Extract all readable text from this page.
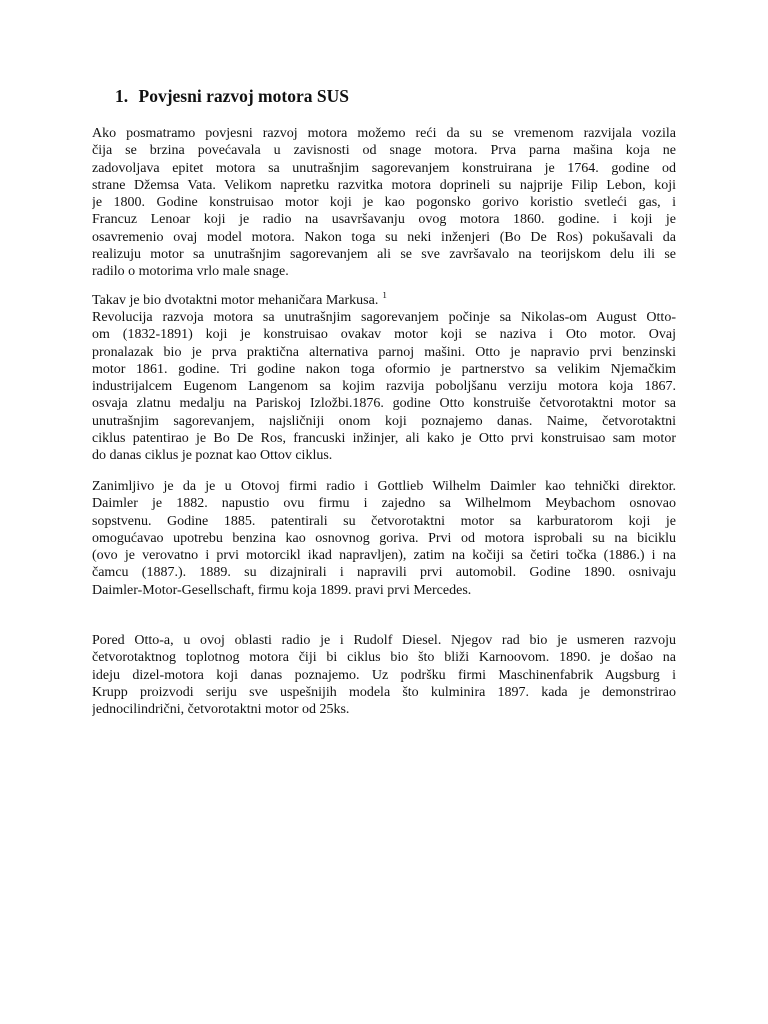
1. Povjesni razvoj motora SUS

Ako posmatramo povjesni razvoj motora možemo reći da su se vremenom razvijala vozila
čija se brzina povećavala u zavisnosti od snage motora. Prva parna mašina koja ne
zadovoljava epitet motora sa unutrašnjim sagorevanjem konstruirana je 1764. godine od
strane Džemsa Vata. Velikom napretku razvitka motora doprineli su najprije Filip Lebon, koji
je 1800. Godine konstruisao motor koji je kao pogonsko gorivo koristio svetleći gas, i
Francuz Lenoar koji je radio na usavršavanju ovog motora 1860. godine. i koji je
osavremenio ovaj model motora. Nakon toga su neki inženjeri (Bo De Ros) pokušavali da
realizuju motor sa unutrašnjim sagorevanjem ali se sve završavalo na teorijskom delu ili se
radilo o motorima vrlo male snage.

Takav je bio dvotaktni motor mehaničara Markusa. $^1$

Revolucija razvoja motora sa unutrašnjim sagorevanjem počinje sa Nikolas-om August Otto-
om (1832-1891) koji je konstruisao ovakav motor koji se naziva i Oto motor. Ovaj
pronalazak bio je prva praktična alternativa parnoj mašini. Otto je napravio prvi benzinski
motor 1861. godine. Tri godine nakon toga oformio je partnerstvo sa velikim Njemačkim
industrijalcem Eugenom Langenom sa kojim razvija poboljšanu verziju motora koja 1867.
osvaja zlatnu medalju na Pariskoj Izložbi.1876. godine Otto konstruiše četvorotaktni motor sa
unutrašnjim sagorevanjem, najsličniji onom koji poznajemo danas. Naime, četvorotaktni
ciklus patentirao je Bo De Ros, francuski inžinjer, ali kako je Otto prvi konstruisao sam motor
do danas ciklus je poznat kao Ottov ciklus.

Zanimljivo je da je u Otovoj firmi radio i Gottlieb Wilhelm Daimler kao tehnički direktor.
Daimler je 1882. napustio ovu firmu i zajedno sa Wilhelmom Meybachom osnovao
sopstvenu. Godine 1885. patentirali su četvorotaktni motor sa karburatorom koji je
omogućavao upotrebu benzina kao osnovnog goriva. Prvi od motora isprobali su na biciklu
(ovo je verovatno i prvi motorcikl ikad napravljen), zatim na kočiji sa četiri točka (1886.) i na
čamcu (1887.). 1889. su dizajnirali i napravili prvi automobil. Godine 1890. osnivaju
Daimler-Motor-Gesellschaft, firmu koja 1899. pravi prvi Mercedes.

Pored Otto-a, u ovoj oblasti radio je i Rudolf Diesel. Njegov rad bio je usmeren razvoju
četvorotaktnog toplotnog motora čiji bi ciklus bio što bliži Karnoovom. 1890. je došao na
ideju dizel-motora koji danas poznajemo. Uz podršku firmi Maschinenfabrik Augsburg i
Krupp proizvodi seriju sve uspešnijih modela što kulminira 1897. kada je demonstrirao
jednocilindrični, četvorotaktni motor od 25ks.
